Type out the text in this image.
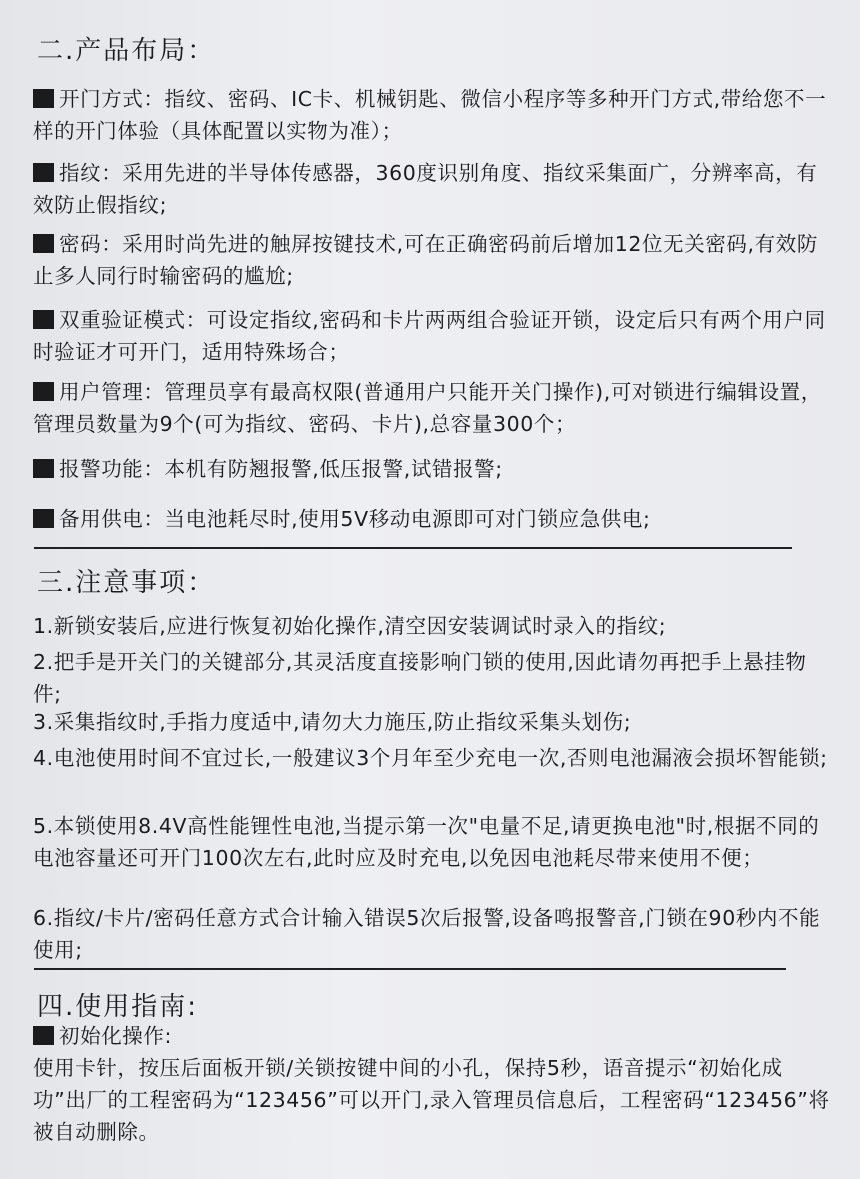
二.产品布局：

开门方式：指纹、密码、IC卡、机械钥匙、微信小程序等多种开门方式,带给您不一样的开门体验（具体配置以实物为准）；

指纹：采用先进的半导体传感器，360度识别角度、指纹采集面广，分辨率高，有效防止假指纹;

密码：采用时尚先进的触屏按键技术,可在正确密码前后增加12位无关密码,有效防止多人同行时输密码的尴尬;

双重验证模式：可设定指纹,密码和卡片两两组合验证开锁，设定后只有两个用户同时验证才可开门，适用特殊场合；

用户管理：管理员享有最高权限(普通用户只能开关门操作),可对锁进行编辑设置，管理员数量为9个(可为指纹、密码、卡片),总容量300个；

报警功能：本机有防翘报警,低压报警,试错报警;

备用供电：当电池耗尽时,使用5V移动电源即可对门锁应急供电;

三.注意事项：

1.新锁安装后,应进行恢复初始化操作,清空因安装调试时录入的指纹;

2.把手是开关门的关键部分,其灵活度直接影响门锁的使用,因此请勿再把手上悬挂物件;

3.采集指纹时,手指力度适中,请勿大力施压,防止指纹采集头划伤;

4.电池使用时间不宜过长,一般建议3个月年至少充电一次,否则电池漏液会损坏智能锁;

5.本锁使用8.4V高性能锂性电池,当提示第一次"电量不足,请更换电池"时,根据不同的电池容量还可开门100次左右,此时应及时充电,以免因电池耗尽带来使用不便；

6.指纹/卡片/密码任意方式合计输入错误5次后报警,设备鸣报警音,门锁在90秒内不能使用;

四.使用指南:

初始化操作:

使用卡针，按压后面板开锁/关锁按键中间的小孔，保持5秒，语音提示“初始化成功”出厂的工程密码为“123456”可以开门,录入管理员信息后，工程密码“123456”将被自动删除。
